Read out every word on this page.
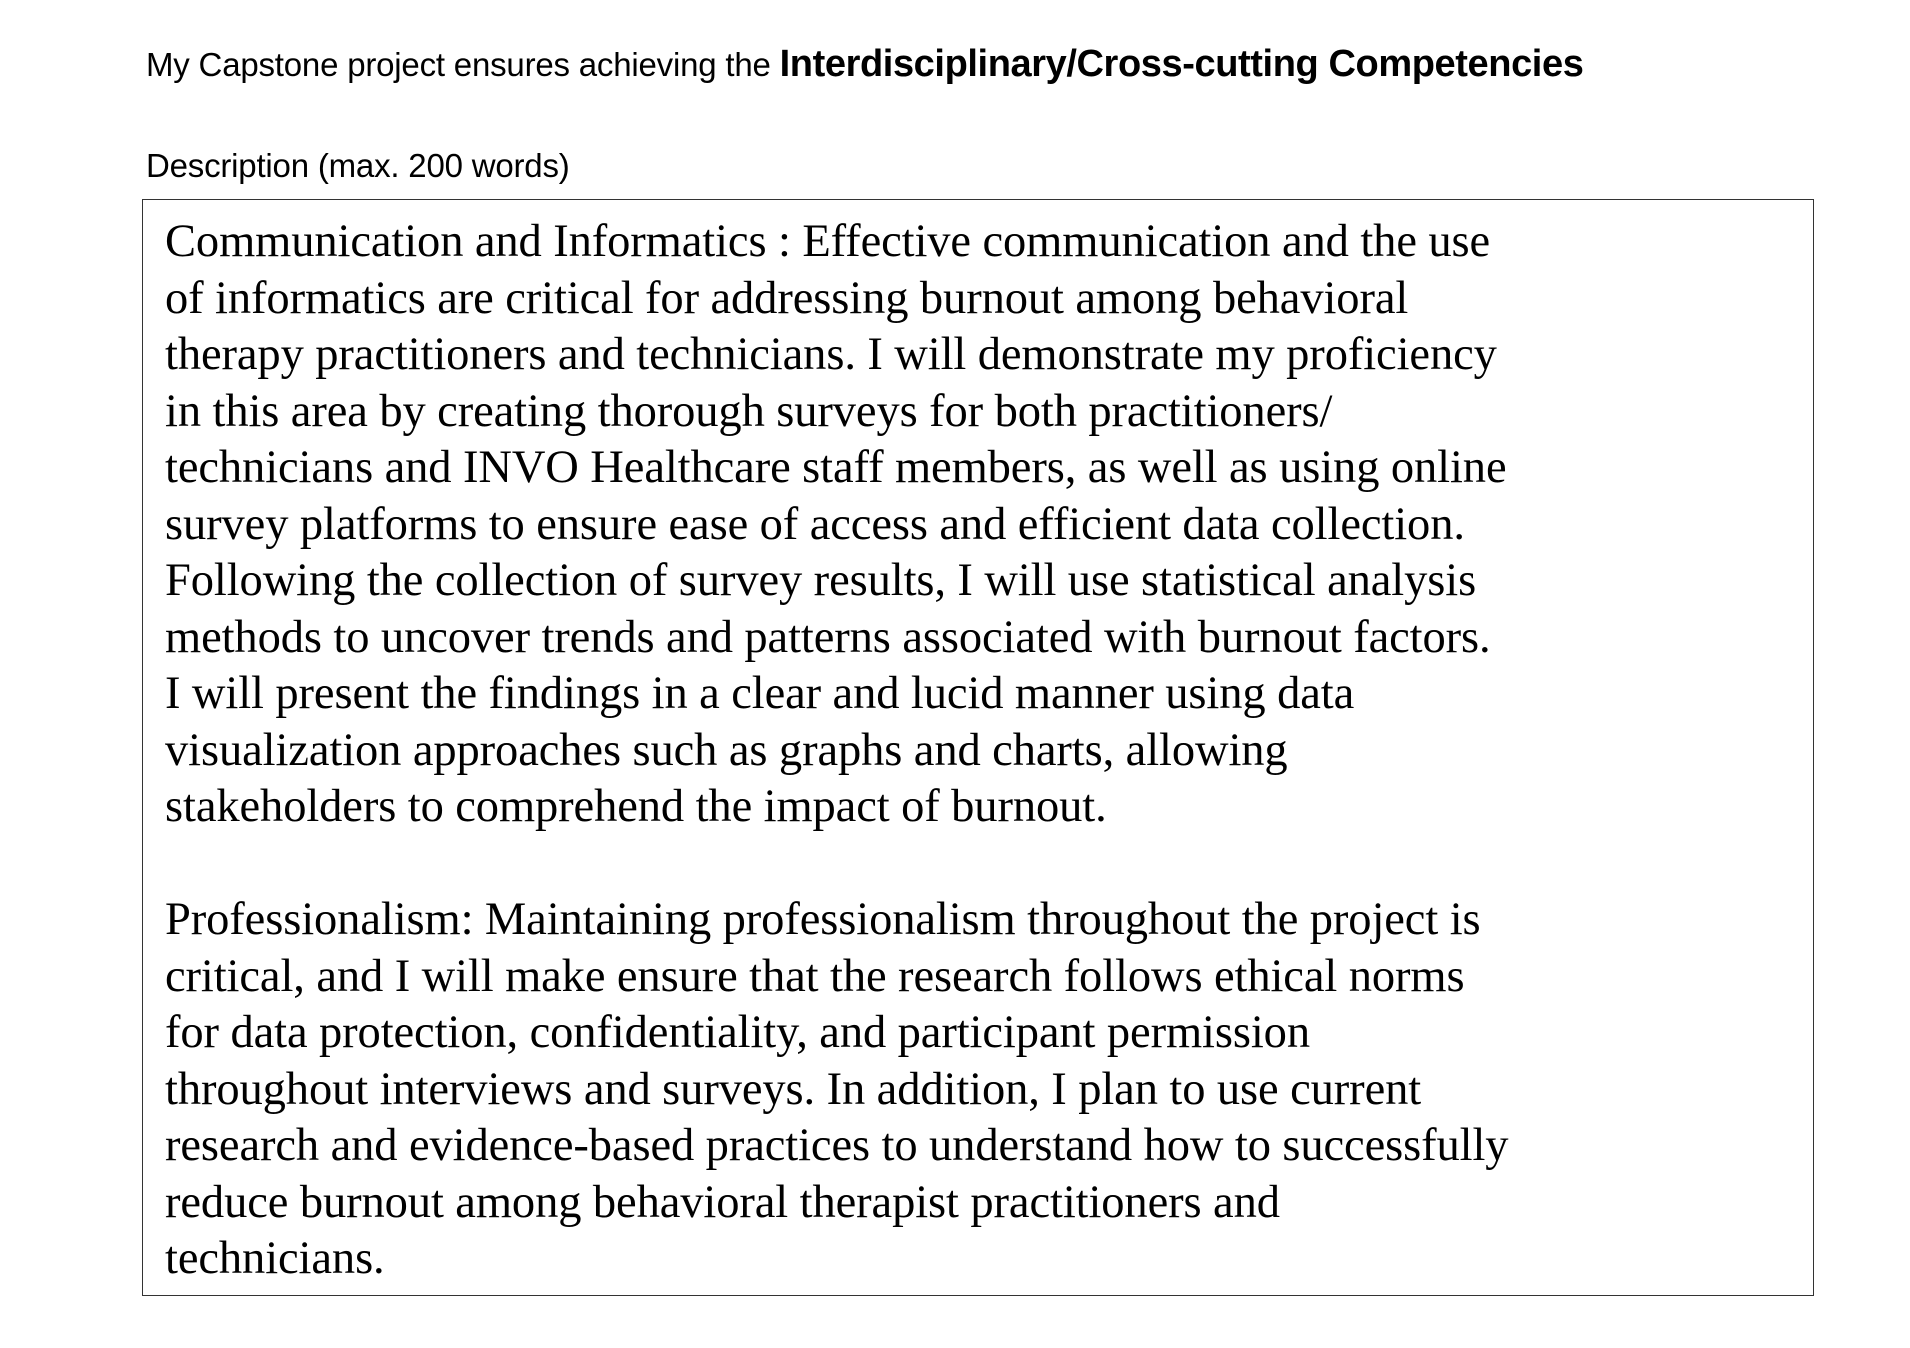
My Capstone project ensures achieving the Interdisciplinary/Cross-cutting Competencies
Description (max. 200 words)

Communication and Informatics : Effective communication and the use
of informatics are critical for addressing burnout among behavioral
therapy practitioners and technicians. I will demonstrate my proficiency
in this area by creating thorough surveys for both practitioners/
technicians and INVO Healthcare staff members, as well as using online
survey platforms to ensure ease of access and efficient data collection.
Following the collection of survey results, I will use statistical analysis
methods to uncover trends and patterns associated with burnout factors.
I will present the findings in a clear and lucid manner using data
visualization approaches such as graphs and charts, allowing
stakeholders to comprehend the impact of burnout.

Professionalism: Maintaining professionalism throughout the project is
critical, and I will make ensure that the research follows ethical norms
for data protection, confidentiality, and participant permission
throughout interviews and surveys. In addition, I plan to use current
research and evidence-based practices to understand how to successfully
reduce burnout among behavioral therapist practitioners and
technicians.
